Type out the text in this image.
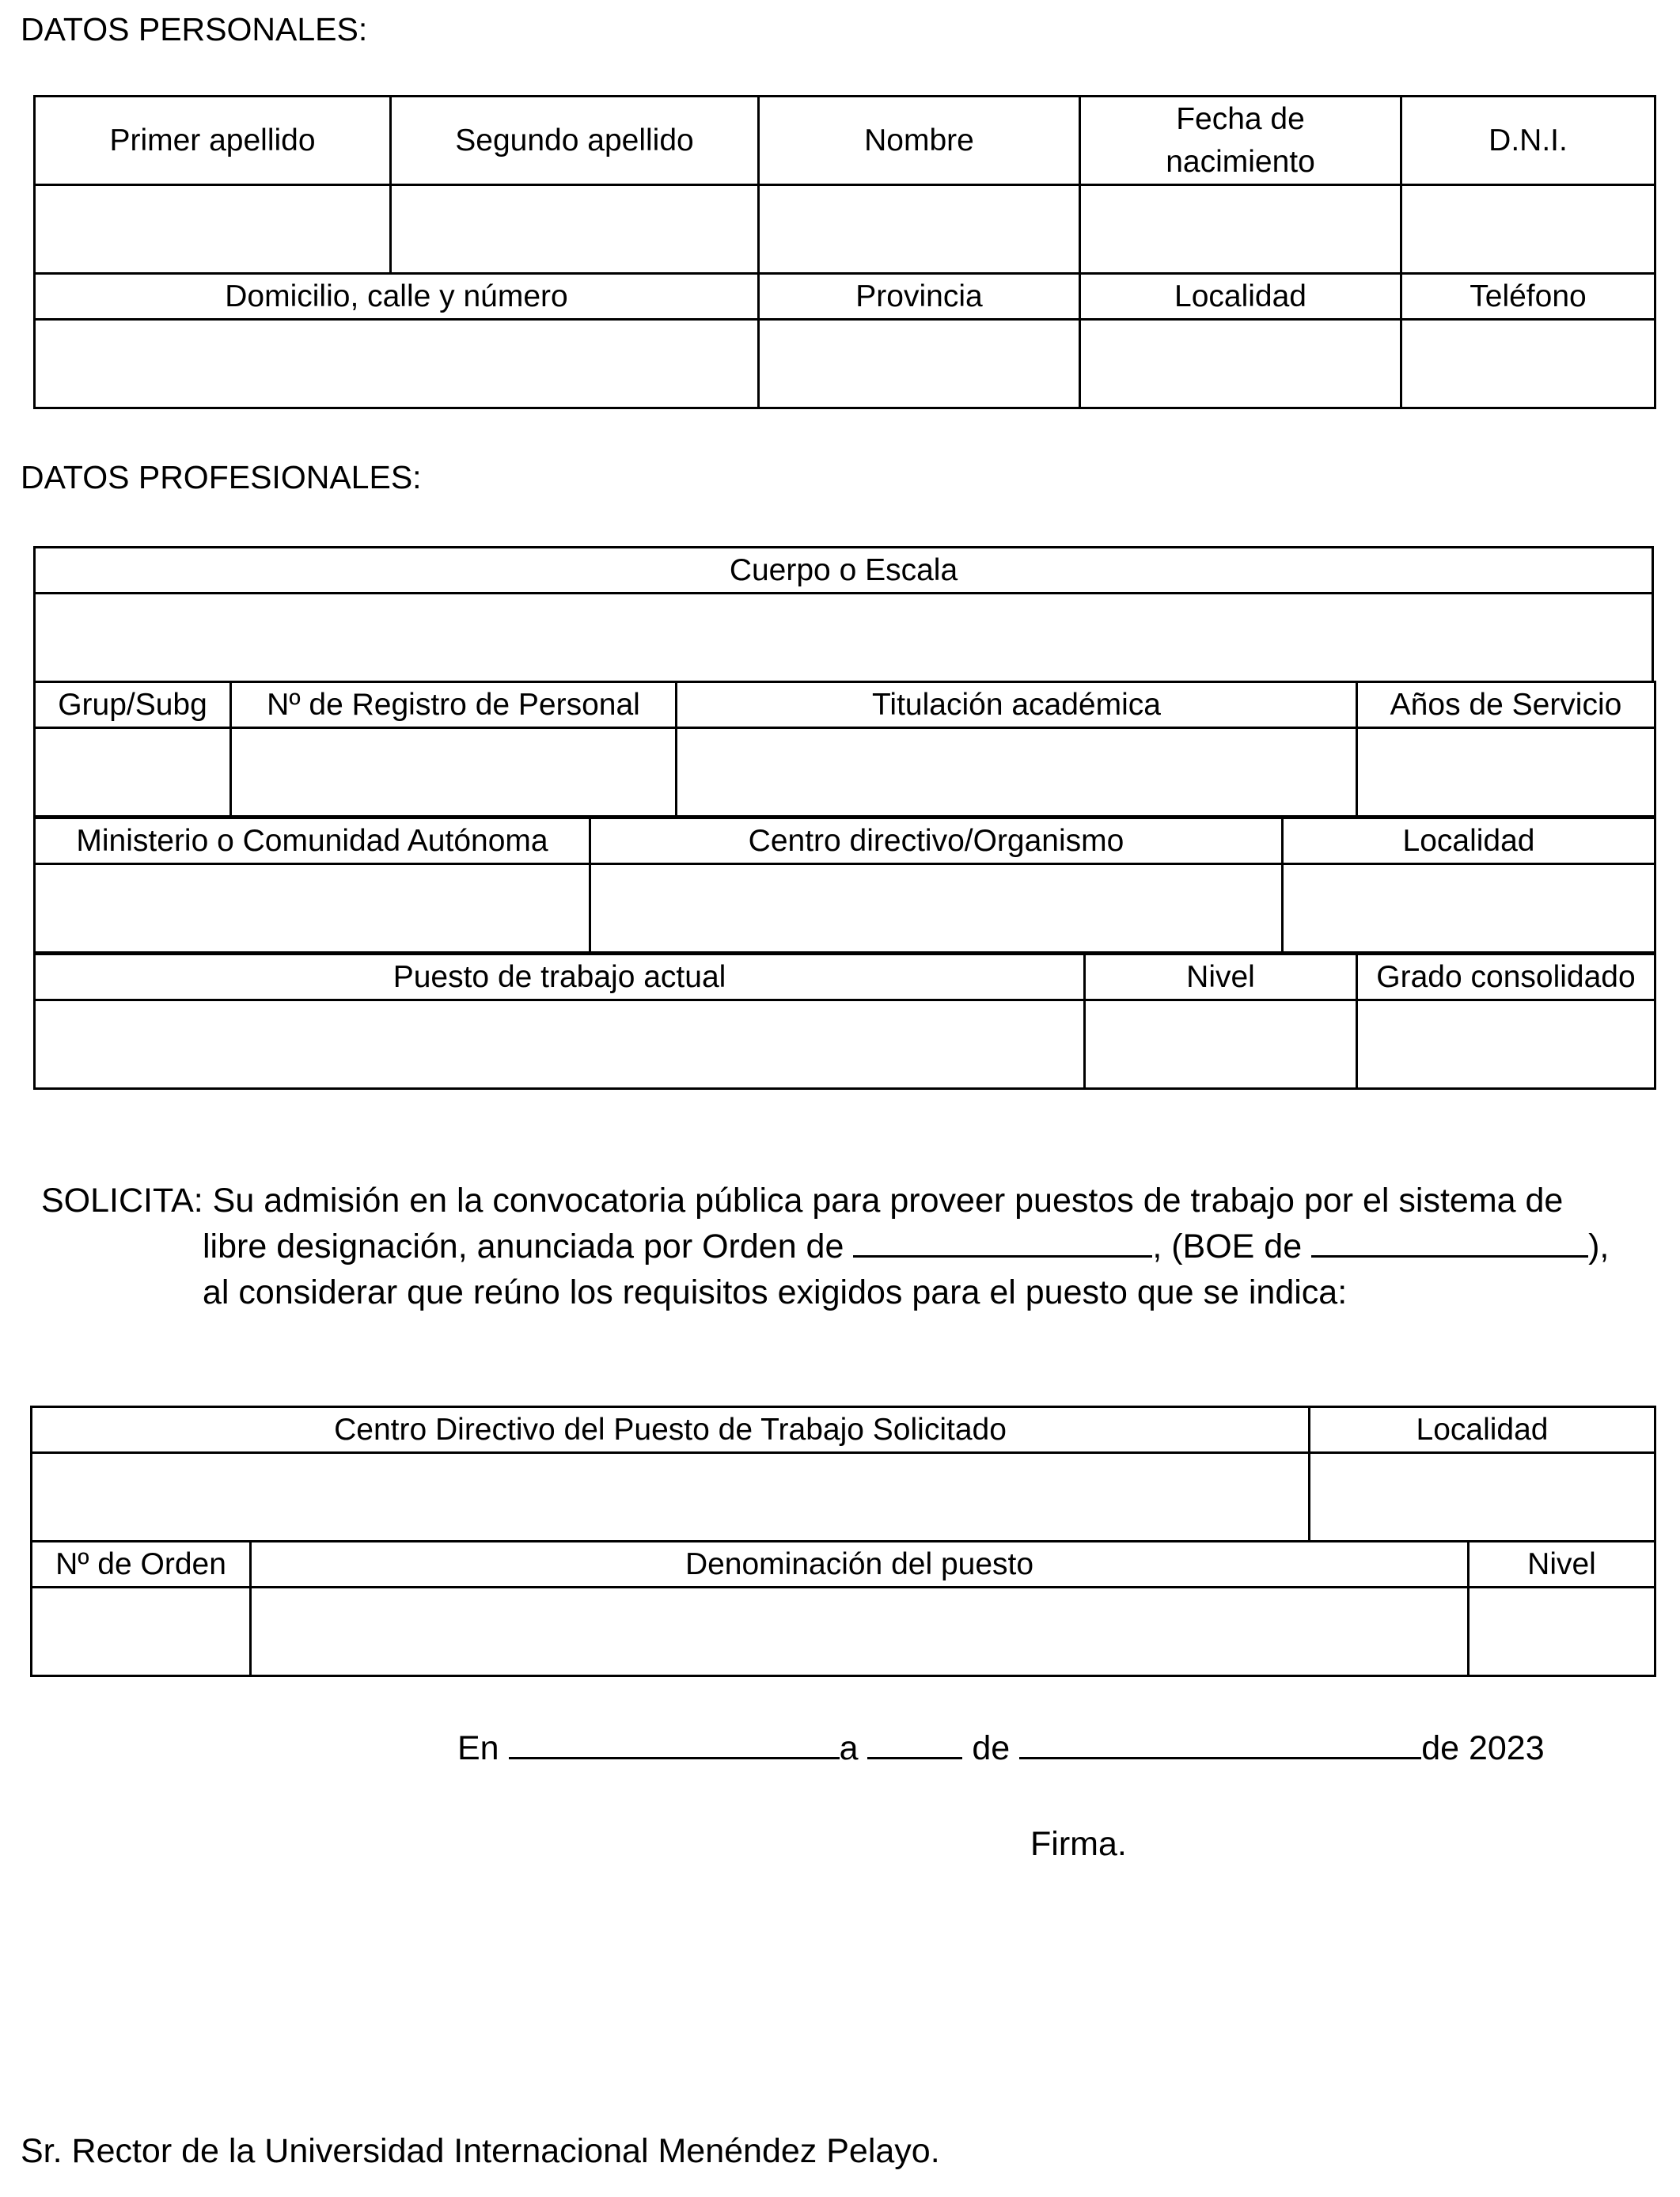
DATOS PERSONALES:
Primer apellido	Segundo apellido	Nombre	Fecha de nacimiento	D.N.I.

Domicilio, calle y número		Provincia	Localidad	Teléfono

DATOS PROFESIONALES:
Cuerpo o Escala

Grup/Subg	Nº de Registro de Personal	Titulación académica	Años de Servicio

Ministerio o Comunidad Autónoma	Centro directivo/Organismo	Localidad

Puesto de trabajo actual	Nivel	Grado consolidado

SOLICITA: Su admisión en la convocatoria pública para proveer puestos de trabajo por el sistema de
libre designación, anunciada por Orden de	, (BOE de	),
al considerar que reúno los requisitos exigidos para el puesto que se indica:
Centro Directivo del Puesto de Trabajo Solicitado	Localidad

Nº de Orden	Denominación del puesto	Nivel

En	a	de	de 2023
Firma.
Sr. Rector de la Universidad Internacional Menéndez Pelayo.
